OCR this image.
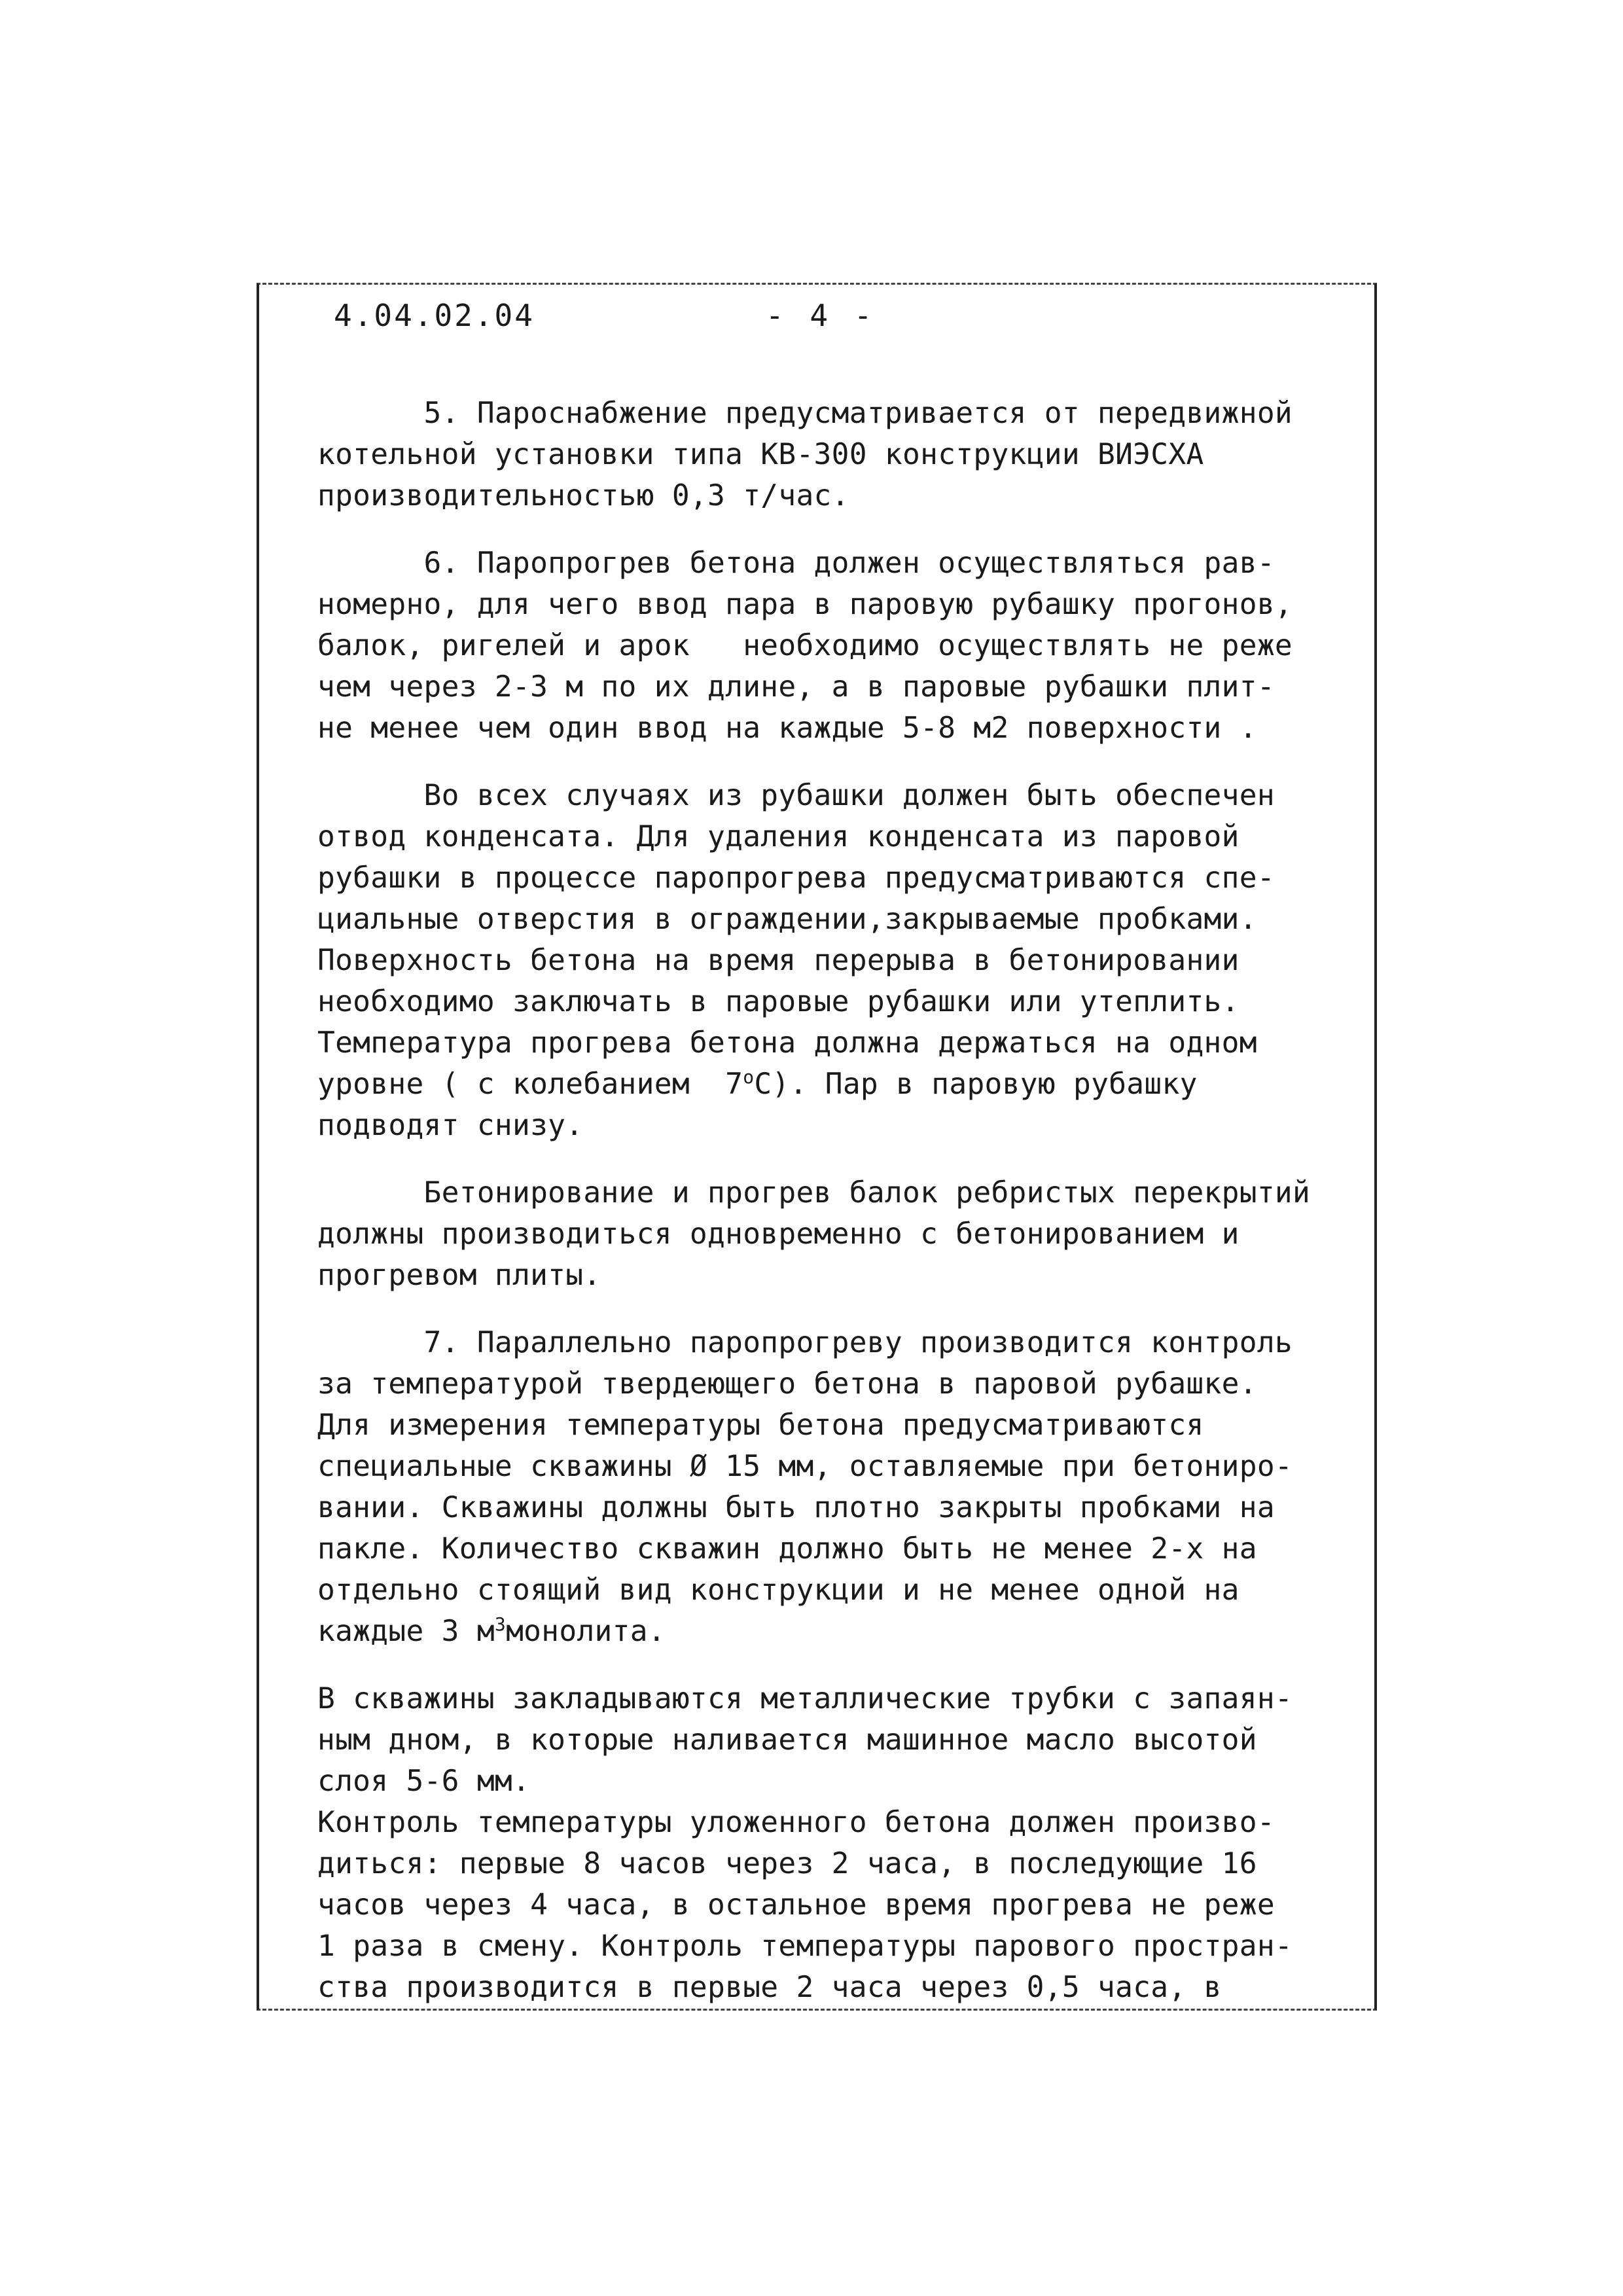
4.04.02.04	- 4 -
5. Пароснабжение предусматривается от передвижной
котельной установки типа КВ-300 конструкции ВИЭСХА
производительностью 0,3 т/час.
6. Паропрогрев бетона должен осуществляться рав-
номерно, для чего ввод пара в паровую рубашку прогонов,
балок, ригелей и арок   необходимо осуществлять не реже
чем через 2-3 м по их длине, а в паровые рубашки плит-
не менее чем один ввод на каждые 5-8 м2 поверхности .
Во всех случаях из рубашки должен быть обеспечен
отвод конденсата. Для удаления конденсата из паровой
рубашки в процессе паропрогрева предусматриваются спе-
циальные отверстия в ограждении,закрываемые пробками.
Поверхность бетона на время перерыва в бетонировании
необходимо заключать в паровые рубашки или утеплить.
Температура прогрева бетона должна держаться на одном
уровне ( с колебанием  $7^оС$). Пар в паровую рубашку
подводят снизу.
Бетонирование и прогрев балок ребристых перекрытий
должны производиться одновременно с бетонированием и
прогревом плиты.
7. Параллельно паропрогреву производится контроль
за температурой твердеющего бетона в паровой рубашке.
Для измерения температуры бетона предусматриваются
специальные скважины Ø 15 мм, оставляемые при бетониро-
вании. Скважины должны быть плотно закрыты пробками на
пакле. Количество скважин должно быть не менее 2-х на
отдельно стоящий вид конструкции и не менее одной на
каждые 3 $м^3монолита$.
В скважины закладываются металлические трубки с запаян-
ным дном, в которые наливается машинное масло высотой
слоя 5-6 мм.
Контроль температуры уложенного бетона должен произво-
диться: первые 8 часов через 2 часа, в последующие 16
часов через 4 часа, в остальное время прогрева не реже
1 раза в смену. Контроль температуры парового простран-
ства производится в первые 2 часа через 0,5 часа, в
